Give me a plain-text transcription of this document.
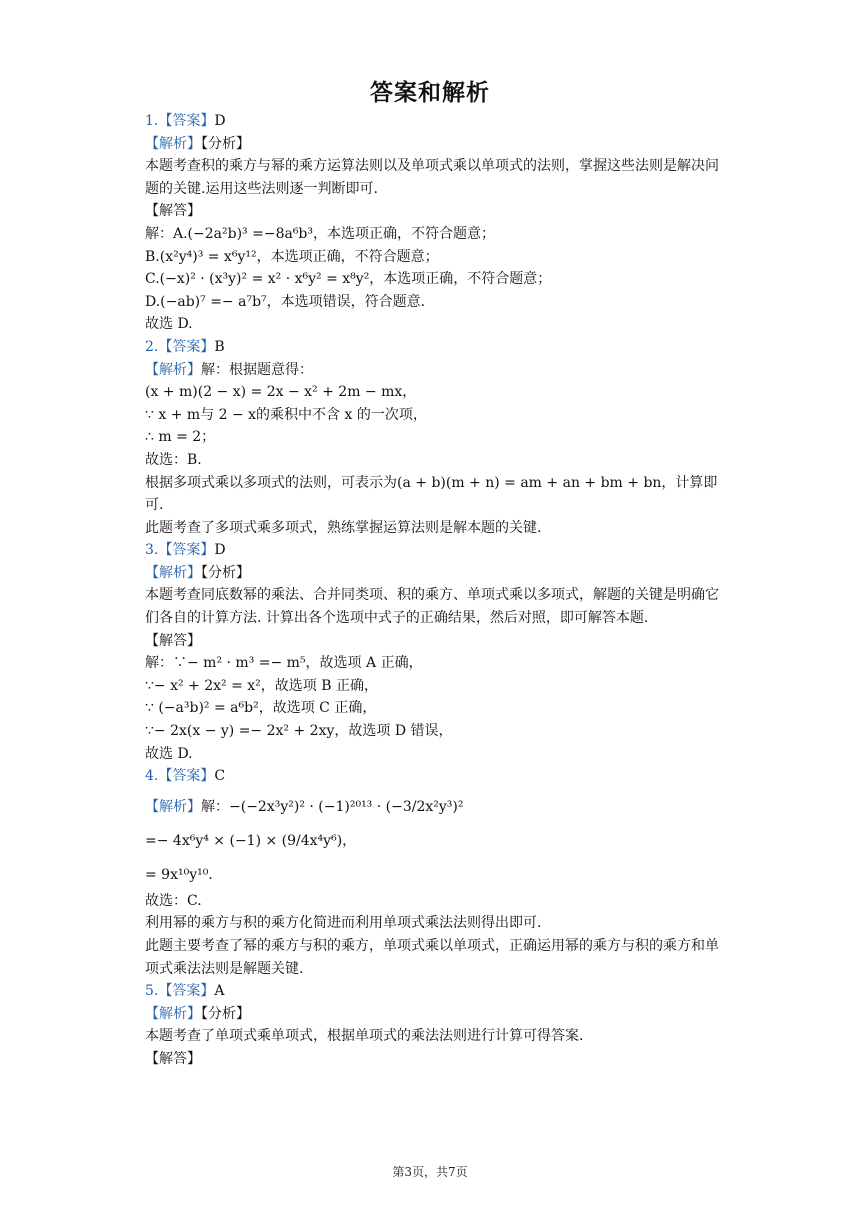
答案和解析
1.【答案】D
【解析】【分析】
本题考查积的乘方与幂的乘方运算法则以及单项式乘以单项式的法则，掌握这些法则是解决问题的关键.运用这些法则逐一判断即可.
【解答】
解：A.(−2a²b)³ =−8a⁶b³，本选项正确，不符合题意；
B.(x²y⁴)³ = x⁶y¹²，本选项正确，不符合题意；
C.(−x)² · (x³y)² = x² · x⁶y² = x⁸y²，本选项正确，不符合题意；
D.(−ab)⁷ =− a⁷b⁷，本选项错误，符合题意.
故选 D.
2.【答案】B
【解析】解：根据题意得：
(x + m)(2 − x) = 2x − x² + 2m − mx，
∵ x + m与 2 − x的乘积中不含 x 的一次项，
∴ m = 2；
故选：B.
根据多项式乘以多项式的法则，可表示为(a + b)(m + n) = am + an + bm + bn，计算即可.
此题考查了多项式乘多项式，熟练掌握运算法则是解本题的关键.
3.【答案】D
【解析】【分析】
本题考查同底数幂的乘法、合并同类项、积的乘方、单项式乘以多项式，解题的关键是明确它们各自的计算方法. 计算出各个选项中式子的正确结果，然后对照，即可解答本题.
【解答】
解：∵− m² · m³ =− m⁵，故选项 A 正确，
∵− x² + 2x² = x²，故选项 B 正确，
∵ (−a³b)² = a⁶b²，故选项 C 正确，
∵− 2x(x − y) =− 2x² + 2xy，故选项 D 错误，
故选 D.
4.【答案】C
【解析】解：−(−2x³y²)² · (−1)²⁰¹³ · (−3/2x²y³)²
=− 4x⁶y⁴ × (−1) × (9/4x⁴y⁶)，
= 9x¹⁰y¹⁰.
故选：C.
利用幂的乘方与积的乘方化简进而利用单项式乘法法则得出即可.
此题主要考查了幂的乘方与积的乘方，单项式乘以单项式，正确运用幂的乘方与积的乘方和单项式乘法法则是解题关键.
5.【答案】A
【解析】【分析】
本题考查了单项式乘单项式，根据单项式的乘法法则进行计算可得答案.
【解答】
第3页，共7页
